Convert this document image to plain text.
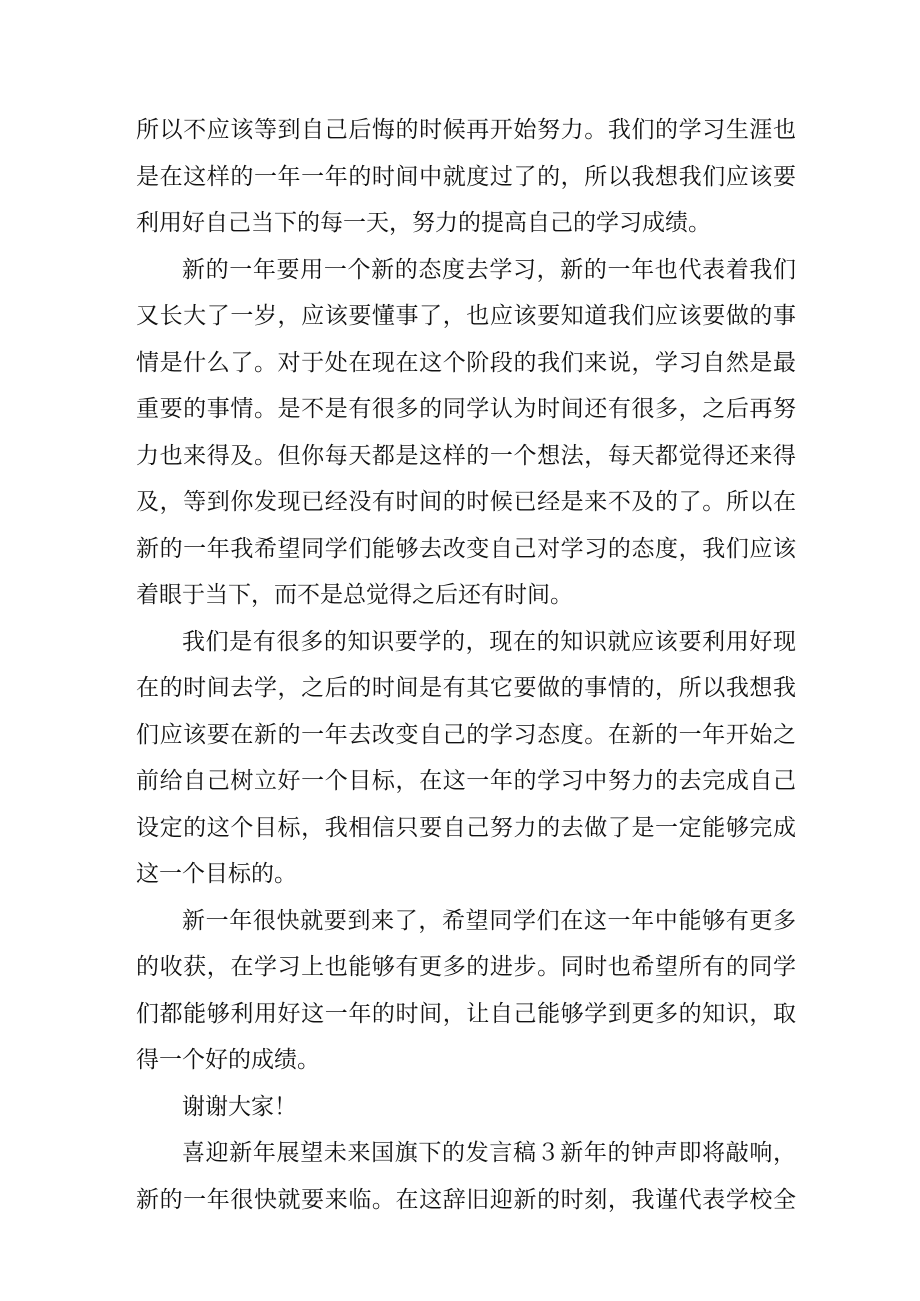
所以不应该等到自己后悔的时候再开始努力。我们的学习生涯也
是在这样的一年一年的时间中就度过了的，所以我想我们应该要
利用好自己当下的每一天，努力的提高自己的学习成绩。
新的一年要用一个新的态度去学习，新的一年也代表着我们
又长大了一岁，应该要懂事了，也应该要知道我们应该要做的事
情是什么了。对于处在现在这个阶段的我们来说，学习自然是最
重要的事情。是不是有很多的同学认为时间还有很多，之后再努
力也来得及。但你每天都是这样的一个想法，每天都觉得还来得
及，等到你发现已经没有时间的时候已经是来不及的了。所以在
新的一年我希望同学们能够去改变自己对学习的态度，我们应该
着眼于当下，而不是总觉得之后还有时间。
我们是有很多的知识要学的，现在的知识就应该要利用好现
在的时间去学，之后的时间是有其它要做的事情的，所以我想我
们应该要在新的一年去改变自己的学习态度。在新的一年开始之
前给自己树立好一个目标，在这一年的学习中努力的去完成自己
设定的这个目标，我相信只要自己努力的去做了是一定能够完成
这一个目标的。
新一年很快就要到来了，希望同学们在这一年中能够有更多
的收获，在学习上也能够有更多的进步。同时也希望所有的同学
们都能够利用好这一年的时间，让自己能够学到更多的知识，取
得一个好的成绩。
谢谢大家！
喜迎新年展望未来国旗下的发言稿３新年的钟声即将敲响，
新的一年很快就要来临。在这辞旧迎新的时刻，我谨代表学校全
